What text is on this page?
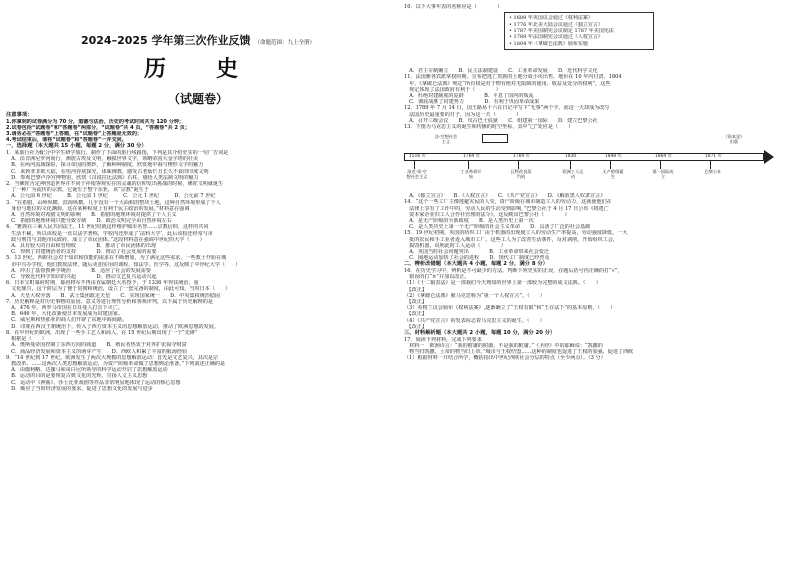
2024–2025 学年第三次作业反馈 （命题范围：九上全册）
历　史
（试题卷）
注意事项：
1.你拿到的试卷满分为 70 分，道德与法治、历史的考试时间共为 120 分钟；
2.试卷包括“试题卷”和“答题卷”两部分，“试题卷”共 4 页，“答题卷”共 2 页；
3.请务必在“答题卷”上答题，在“试题卷”上答题是无效的；
4.考试结束后，请将“试题卷”和“答题卷”一并交回。
一、选择题（本大题共 15 小题，每题 2 分，满分 30 分）
1．某旅行社为配合中学生研学旅行，制作了下面的旅行线路图，下列是其介绍史实的一句广告词是
　A．沿非洲尼罗河而行，测震古埃及文明，触摸世界文字，领略帝国大金字塔的壮美
　B．在两河流域探险，探寻帝国的奥妙，了解种种制度，欣赏地中海与楔形文字的魅力
　C．来到亚非欧大陆，在恒河谷底探究，体味佛教，感受古老灿烂且长久不衰的印度文明
　D．参观巴黎卢浮宫博物馆，欣赏《汉谟拉比法典》石柱，感悟人类法制文明的魅力
2．当佛陀否定神创造世界并不同于祥根客观实在的灵魂的信仰发出挑战的时候，佛陀文明就诞生
　了一种广为流传的宗教，它诞生于整个东亚，该“宗教”诞生于
　A．公元前 6 世纪　　　B．公元前 1 世纪　　　C．公元 1 世纪　　　D．公元前 7 世纪
3．“在希腊，山岭纵横，滨海纵横，几乎没有一个大面积的整块土地，这种自然环境形成了个人
　身份与地位的文化渊源，这在某种程度上有利于民主政治的发展。”材料意在强调
　A．自然环境对希腊文明的影响　　B．希腊的地理环境对提供了个人主义
　C．希腊的地理环境只能导致专制　　D．政治文明完全由自然环境左右
4．“雅典在三乘人民共同法王，11 世纪时就这样维护城市名誉……宗教信仰，这样的共同
　生活不稀，所以该校是一直以法学著称，学校内还形成了‘法科大学’，此后该校还经常与市
　政与刑罚与其他市民政府，成立了市民团体。”这段材料意在强调中世纪的大学（　　）
　A．具有较大的自由和管理权　　　　B．推动了市民团体的出现
　C．得到了封建统治者的支持　　　　D．推动了社会发展的需要
5．13 世纪，西欧社会对于知识和技能的需求在不断增加，为了满足这些需求，一些教士开始在城
　市中兴办学校，他们教授法律，随后更加实用的课程，知法学、医学等，这反映了中世纪大学（　　）
　A．冲击了基督教神学统治　　　　B．适应了社会的发展需要
　C．导致近代科学知识的兴起　　　　D．推动文艺复兴运动兴起
6．日本宝町幕府时期，幕府将军不再由直属朝廷大名授予，于 1336 年得其统治，重
　文化鼎兴，这个阶层为了便于贯彻和统治，设立了一套完备的制度，由此可知，当时日本（　　）
　A．天皇大权旁落　　B．武士集团政走天皇　　C．实现国家统一　　D．中央集权统治稳固
7．历史解释是对历史事物的原因、意义等进行理性分析和客观评判，以下属于历史解释的是
　A．476 年，西罗马帝国在日耳曼人打击下灭亡。
　B．646 年，大化改新使日本发展成为封建国家。
　C．威尼斯和热那亚的商人们开辟了东地中海商路。
　D．印度在西汉王朝统治下，传入了西方资本主义的思想解放运动，推动了欧洲思想的发展。
8．在中世纪的欧洲，出现了一些手工艺人和商人，在 15 世纪后期出现了一个“先锋”
　根据是（　　）
　A．奥斯曼帝国控制了东西方间的商道　　B．殖民者热衷于对外扩张掠夺财富
　C．商品经济发展和资本主义的萌芽产生　　D．西欧人积累了丰富的航海经验
9．“14 世纪到 17 世纪，欧洲发生了两次大规模的思想解放运动：首先是文艺复兴，其次是宗
　教改革。……这两次人类思想解放运动，为资产阶级革命做了思想舆论准备。”下列叙述正确的是
　A．由伽利略、达伽马和哥白尼所领导的科学运动开启了思想解放运动
　B．运动的目的是要恢复古典文化的光辉，宣扬人文主义思想
　C．运动中《神曲》、莎士比亚戏剧等作品非常明显地体现了运动的核心思想
　D．顺应了当时经济发展的要求，促进了思想文化的发展与进步
10．以下大事年表的名称应是（　　　　）
• 1689 年英国议会通过《权利法案》
• 1776 年北美大陆会议通过《独立宣言》
• 1787 年美国制宪会议制定 1787 年美国宪法
• 1789 年法国制宪会议通过《人权宣言》
• 1804 年《拿破仑法典》颁布实施
　A．君主专制确立　　B．民主法制建设　　C．工业革命发展　　D．近代科学文化
11．法国雅各宾派掌权时期，宣布把逃亡贵族的土地分成小块出售，地价在 10 年内付清。1804
　年，《拿破仑法典》规定“所有权是对于物有绝对无限制的使用、收益及处分的权利”。这些
　规定体现了法国政府有利于（　　　　）
　A．杜绝封建制度的复辟　　　　B．平息了国内的叛乱
　C．彻底战胜了封建势力　　　　D．有利于巩固革命成果
12．1789 年 7 月 14 日，国王路易十六在日记中写下“无事”两个字，而这一天却成为改写
　法国历史最重要的日子，因为这一天（　　　　）
　A．召开三级会议　　B．攻占巴士底狱　　C．组建第一国际　　D．建立巴黎公社
13．下图为马克思主义的诞生和传播的时空坐标，其中“□”处应是（　　）
1516 年	1764 年	1769 年	1830	1848 年	1864 年	1871 年
洛克·英·空想社会主义
工业革命开始
瓦特改良蒸汽机
欧洲工人运动
无产阶级诞生
第一国际成立
巴黎公社
法·空想社会主义
《资本论》出版
　A．《独立宣言》　　B．《人权宣言》　　C．《共产党宣言》　　D．《解放黑人奴隶宣言》
14．“这个一些工厂主像逃避灾民的人受，资产阶级在城市制造工人的劳动力，这就使他们在
　法律上享有了工作中的，劳动人民的生活受到影响，”巴黎公社于 4 月 17 日公布《将逃亡
　资本家企业归工人合作社管理的法令》，这反映出巴黎公社（　　　　）
　A．是无产阶级的全新政权　　B．是人类历史上第一次
　C．是人类历史上第一个无产阶级的社会主义革命　　D．具备了广泛的社会基础
15．19 世纪初期，英国的纺织工厂由于机器的出现使工人的劳动生产率提高，劳动强度降低，一大
　批的农民和手工业者进入城市工厂。这些工人为了改善生活条件，反对剥削，开始组织工会，
　捣毁机器，说明此时工人运动（　　　　）
　A．英国当时社会问题突出　　　　B．工业革命带来社会变迁
　C．圈地运动加快了社会的进程　　D．现代工厂制度已经普及
二、辨析改错题（本大题共 4 小题，每题 2 分，满分 8 分）
16．在历史学习中，辨析是不可缺少的方法。判断下列史实的正误，在题后括号内正确的打“√”，
　错误的打“×”并加以改正。
（1）《十二铜表法》是一部我们今天熟知的世界上第一部较为完整的成文法典。（　　）
　【改正】
（2）《拿破仑法典》被马克思称为“第一个人权宣言”。（　　）
　【改正】
（3）英格兰议会颁布《权利法案》,逐渐确立了“王权有限”和“王在法下”的基本原则。（　　）
　【改正】
（4）《共产党宣言》的发表标志着马克思主义的诞生。（　　）
　【改正】
三、材料解析题（本大题共 2 小题，每题 10 分，满分 20 分）
17．阅读下列材料，完成下列要求
　材料一　欧洲诗言：“我的附庸的附庸，不是我的附庸。”《圣经》中的耶稣说：“凯撒的
　物当归凯撒，上帝的物当归上帝。”城市与王权结盟……这种的制度也促进了王权的加强，促进了西欧
（1）根据材料一并结合所学，概括指出中世纪西欧社会分层的特点（至少两点）。（3 分）
